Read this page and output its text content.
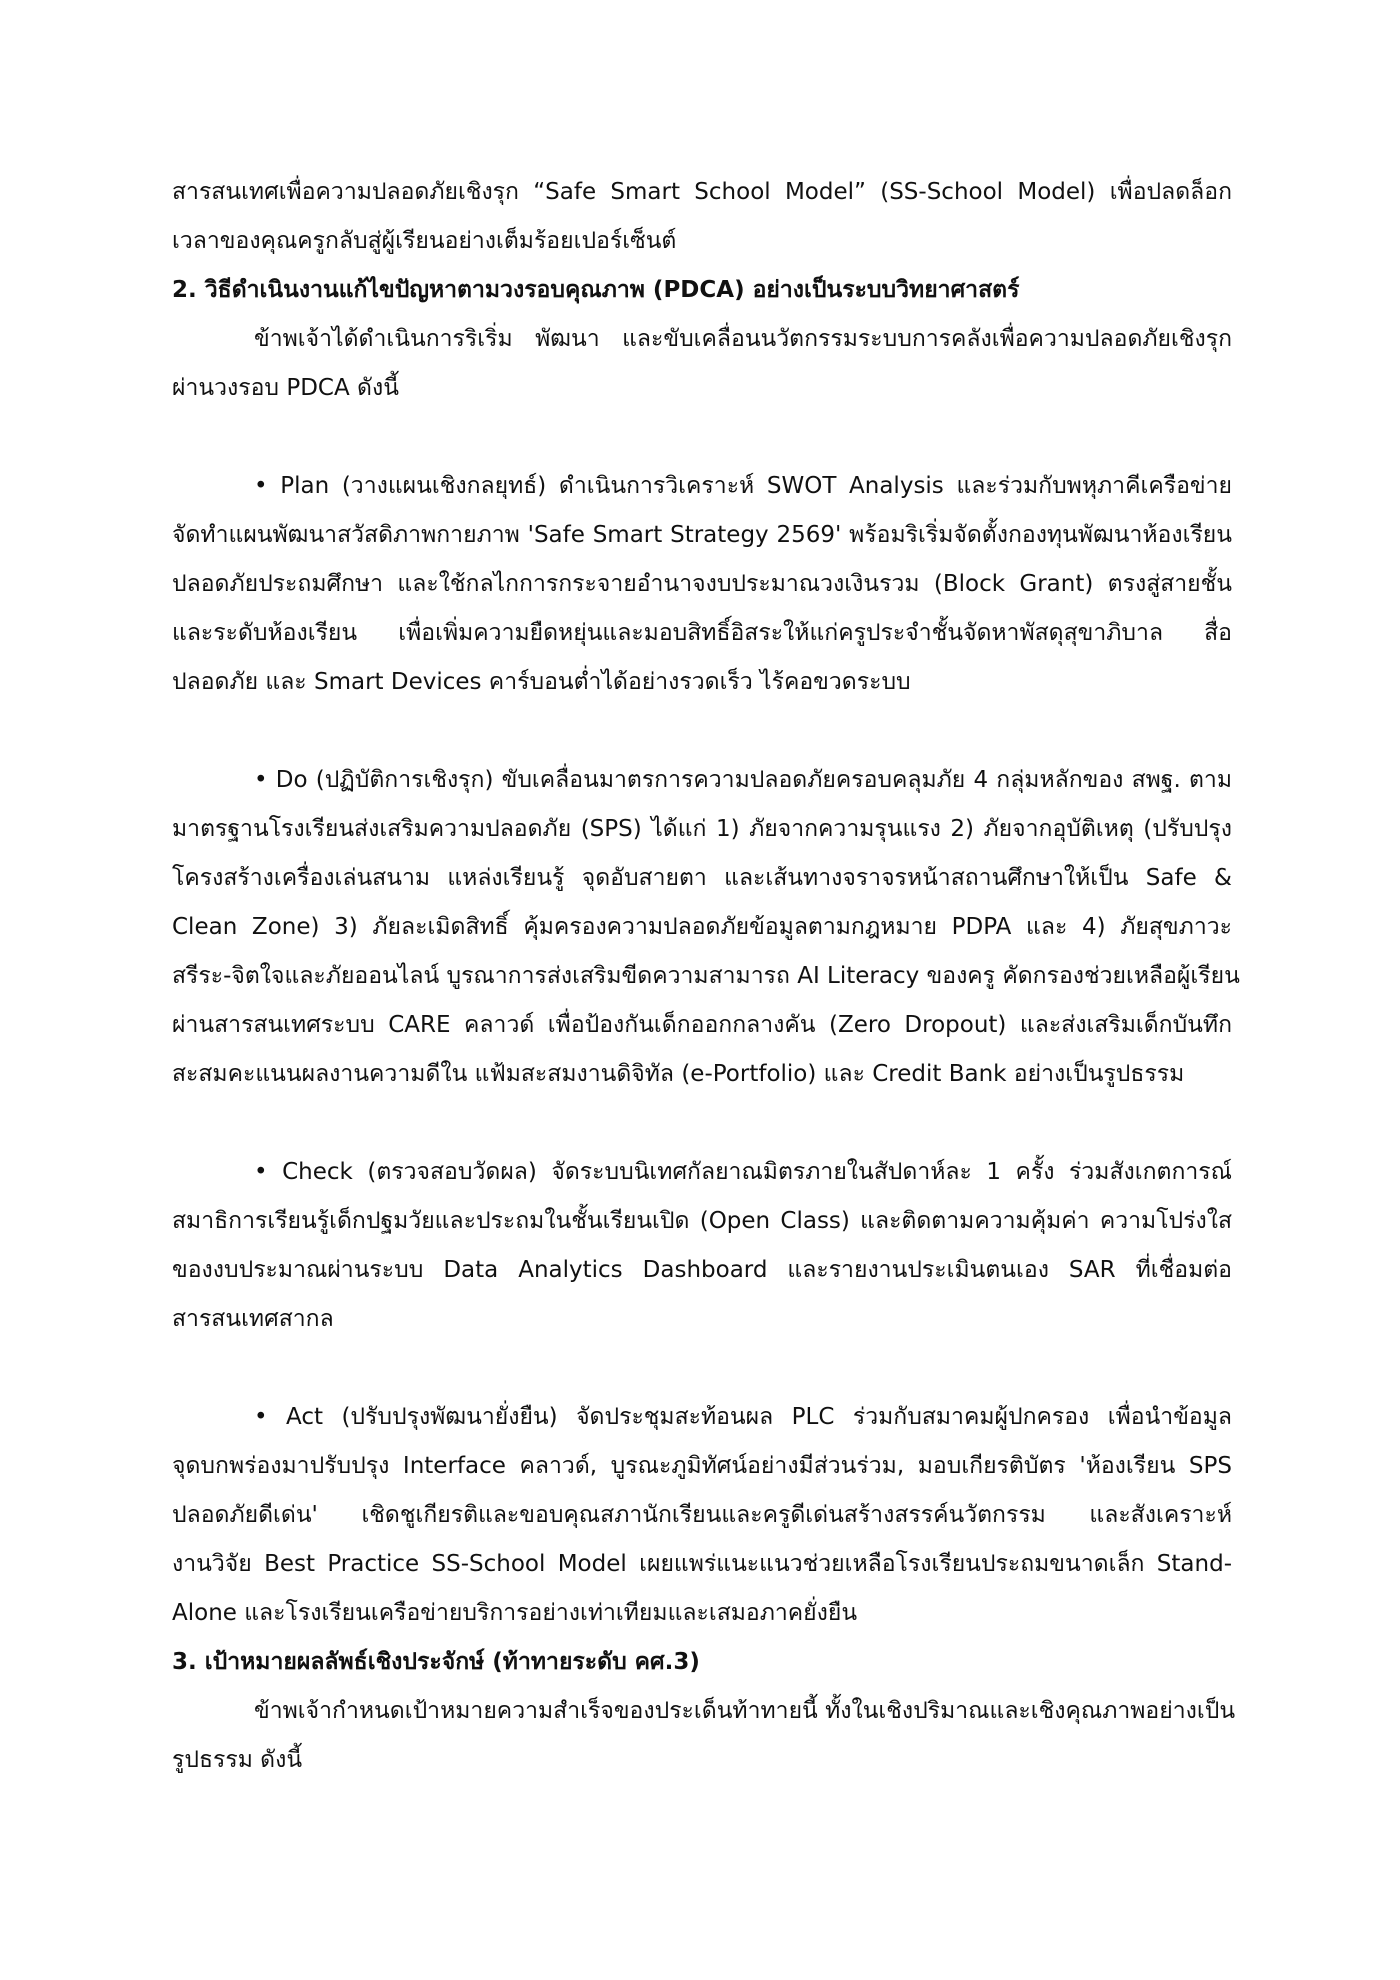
สารสนเทศเพื่อความปลอดภัยเชิงรุก “Safe Smart School Model” (SS-School Model) เพื่อปลดล็อก
เวลาของคุณครูกลับสู่ผู้เรียนอย่างเต็มร้อยเปอร์เซ็นต์
2. วิธีดำเนินงานแก้ไขปัญหาตามวงรอบคุณภาพ (PDCA) อย่างเป็นระบบวิทยาศาสตร์
ข้าพเจ้าได้ดำเนินการริเริ่ม พัฒนา และขับเคลื่อนนวัตกรรมระบบการคลังเพื่อความปลอดภัยเชิงรุก
ผ่านวงรอบ PDCA ดังนี้
• Plan (วางแผนเชิงกลยุทธ์) ดำเนินการวิเคราะห์ SWOT Analysis และร่วมกับพหุภาคีเครือข่าย
จัดทำแผนพัฒนาสวัสดิภาพกายภาพ 'Safe Smart Strategy 2569' พร้อมริเริ่มจัดตั้งกองทุนพัฒนาห้องเรียน
ปลอดภัยประถมศึกษา และใช้กลไกการกระจายอำนาจงบประมาณวงเงินรวม (Block Grant) ตรงสู่สายชั้น
และระดับห้องเรียน เพื่อเพิ่มความยืดหยุ่นและมอบสิทธิ์อิสระให้แก่ครูประจำชั้นจัดหาพัสดุสุขาภิบาล สื่อ
ปลอดภัย และ Smart Devices คาร์บอนต่ำได้อย่างรวดเร็ว ไร้คอขวดระบบ
• Do (ปฏิบัติการเชิงรุก) ขับเคลื่อนมาตรการความปลอดภัยครอบคลุมภัย 4 กลุ่มหลักของ สพฐ. ตาม
มาตรฐานโรงเรียนส่งเสริมความปลอดภัย (SPS) ได้แก่ 1) ภัยจากความรุนแรง 2) ภัยจากอุบัติเหตุ (ปรับปรุง
โครงสร้างเครื่องเล่นสนาม แหล่งเรียนรู้ จุดอับสายตา และเส้นทางจราจรหน้าสถานศึกษาให้เป็น Safe &
Clean Zone) 3) ภัยละเมิดสิทธิ์ คุ้มครองความปลอดภัยข้อมูลตามกฎหมาย PDPA และ 4) ภัยสุขภาวะ
สรีระ-จิตใจและภัยออนไลน์ บูรณาการส่งเสริมขีดความสามารถ AI Literacy ของครู คัดกรองช่วยเหลือผู้เรียน
ผ่านสารสนเทศระบบ CARE คลาวด์ เพื่อป้องกันเด็กออกกลางคัน (Zero Dropout) และส่งเสริมเด็กบันทึก
สะสมคะแนนผลงานความดีใน แฟ้มสะสมงานดิจิทัล (e-Portfolio) และ Credit Bank อย่างเป็นรูปธรรม
• Check (ตรวจสอบวัดผล) จัดระบบนิเทศกัลยาณมิตรภายในสัปดาห์ละ 1 ครั้ง ร่วมสังเกตการณ์
สมาธิการเรียนรู้เด็กปฐมวัยและประถมในชั้นเรียนเปิด (Open Class) และติดตามความคุ้มค่า ความโปร่งใส
ของงบประมาณผ่านระบบ Data Analytics Dashboard และรายงานประเมินตนเอง SAR ที่เชื่อมต่อ
สารสนเทศสากล
• Act (ปรับปรุงพัฒนายั่งยืน) จัดประชุมสะท้อนผล PLC ร่วมกับสมาคมผู้ปกครอง เพื่อนำข้อมูล
จุดบกพร่องมาปรับปรุง Interface คลาวด์, บูรณะภูมิทัศน์อย่างมีส่วนร่วม, มอบเกียรติบัตร 'ห้องเรียน SPS
ปลอดภัยดีเด่น' เชิดชูเกียรติและขอบคุณสภานักเรียนและครูดีเด่นสร้างสรรค์นวัตกรรม และสังเคราะห์
งานวิจัย Best Practice SS-School Model เผยแพร่แนะแนวช่วยเหลือโรงเรียนประถมขนาดเล็ก Stand-
Alone และโรงเรียนเครือข่ายบริการอย่างเท่าเทียมและเสมอภาคยั่งยืน
3. เป้าหมายผลลัพธ์เชิงประจักษ์ (ท้าทายระดับ คศ.3)
ข้าพเจ้ากำหนดเป้าหมายความสำเร็จของประเด็นท้าทายนี้ ทั้งในเชิงปริมาณและเชิงคุณภาพอย่างเป็น
รูปธรรม ดังนี้
